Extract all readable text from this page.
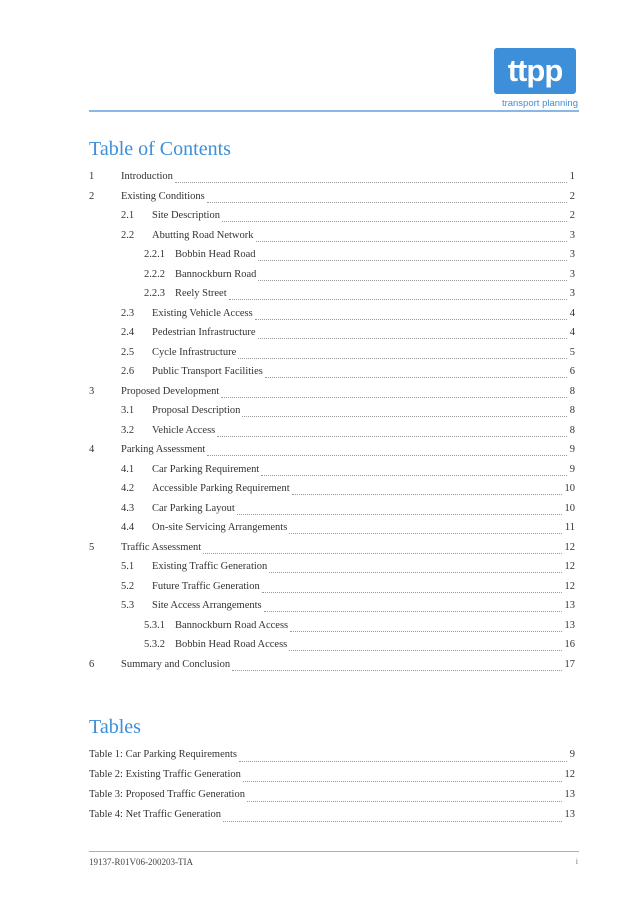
ttpp
transport planning
Table of Contents
1	Introduction	1
2	Existing Conditions	2
2.1	Site Description	2
2.2	Abutting Road Network	3
2.2.1 Bobbin Head Road	3
2.2.2 Bannockburn Road	3
2.2.3 Reely Street	3
2.3	Existing Vehicle Access	4
2.4	Pedestrian Infrastructure	4
2.5	Cycle Infrastructure	5
2.6	Public Transport Facilities	6
3	Proposed Development	8
3.1	Proposal Description	8
3.2	Vehicle Access	8
4	Parking Assessment	9
4.1	Car Parking Requirement	9
4.2	Accessible Parking Requirement	10
4.3	Car Parking Layout	10
4.4	On-site Servicing Arrangements	11
5	Traffic Assessment	12
5.1	Existing Traffic Generation	12
5.2	Future Traffic Generation	12
5.3	Site Access Arrangements	13
5.3.1 Bannockburn Road Access	13
5.3.2 Bobbin Head Road Access	16
6	Summary and Conclusion	17
Tables
Table 1: Car Parking Requirements	9
Table 2: Existing Traffic Generation	12
Table 3: Proposed Traffic Generation	13
Table 4: Net Traffic Generation	13
19137-R01V06-200203-TIA	i
